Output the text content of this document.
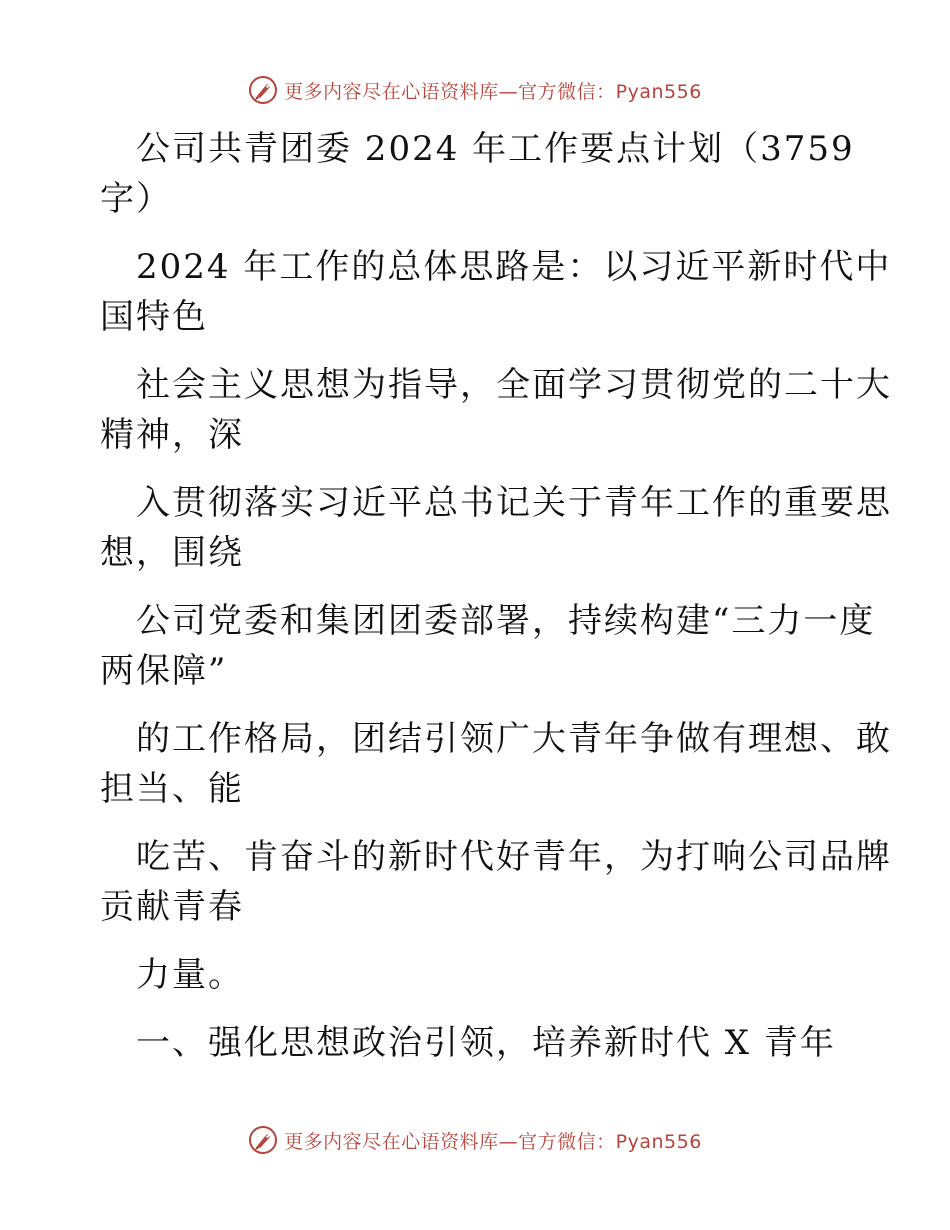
更多内容尽在心语资料库—官方微信：Pyan556
公司共青团委 2024 年工作要点计划（3759
字）
2024 年工作的总体思路是：以习近平新时代中
国特色
社会主义思想为指导，全面学习贯彻党的二十大
精神，深
入贯彻落实习近平总书记关于青年工作的重要思
想，围绕
公司党委和集团团委部署，持续构建“三力一度
两保障”
的工作格局，团结引领广大青年争做有理想、敢
担当、能
吃苦、肯奋斗的新时代好青年，为打响公司品牌
贡献青春
力量。
一、强化思想政治引领，培养新时代 X 青年
更多内容尽在心语资料库—官方微信：Pyan556
